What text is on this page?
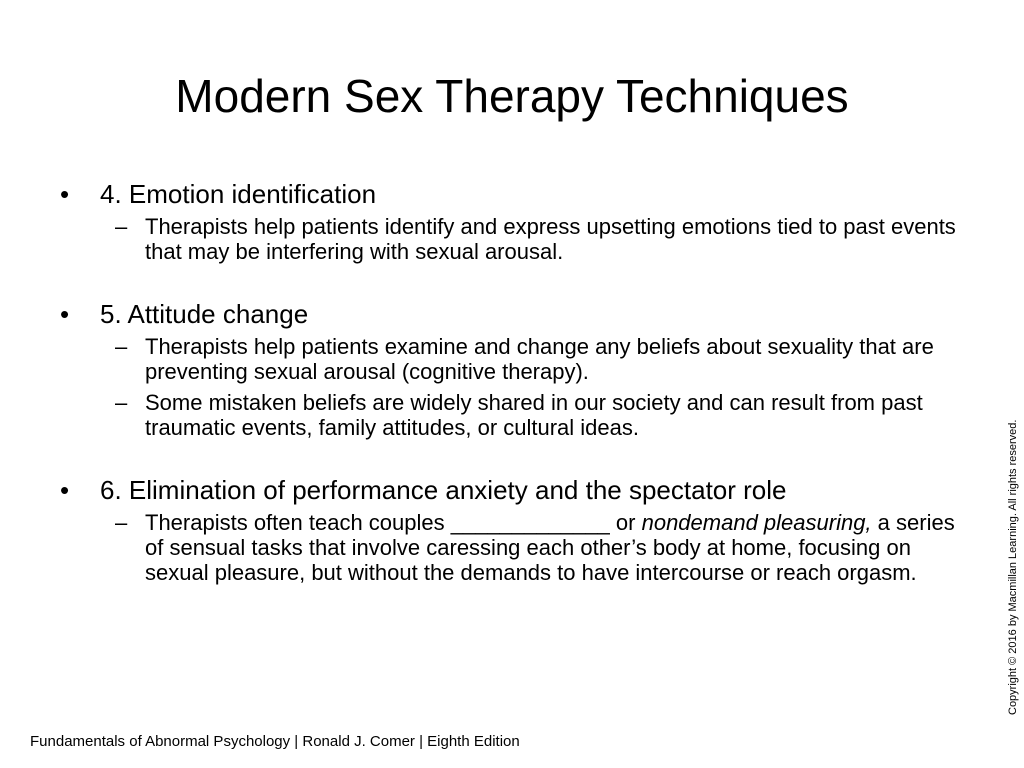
Modern Sex Therapy Techniques

• 4. Emotion identification

– Therapists help patients identify and express upsetting emotions tied to past events that may be interfering with sexual arousal.

• 5. Attitude change

– Therapists help patients examine and change any beliefs about sexuality that are preventing sexual arousal (cognitive therapy).

– Some mistaken beliefs are widely shared in our society and can result from past traumatic events, family attitudes, or cultural ideas.

• 6. Elimination of performance anxiety and the spectator role

– Therapists often teach couples _____________ or nondemand pleasuring, a series of sensual tasks that involve caressing each other’s body at home, focusing on sexual pleasure, but without the demands to have intercourse or reach orgasm.

Fundamentals of Abnormal Psychology | Ronald J. Comer | Eighth Edition
Copyright © 2016 by Macmillan Learning. All rights reserved.
